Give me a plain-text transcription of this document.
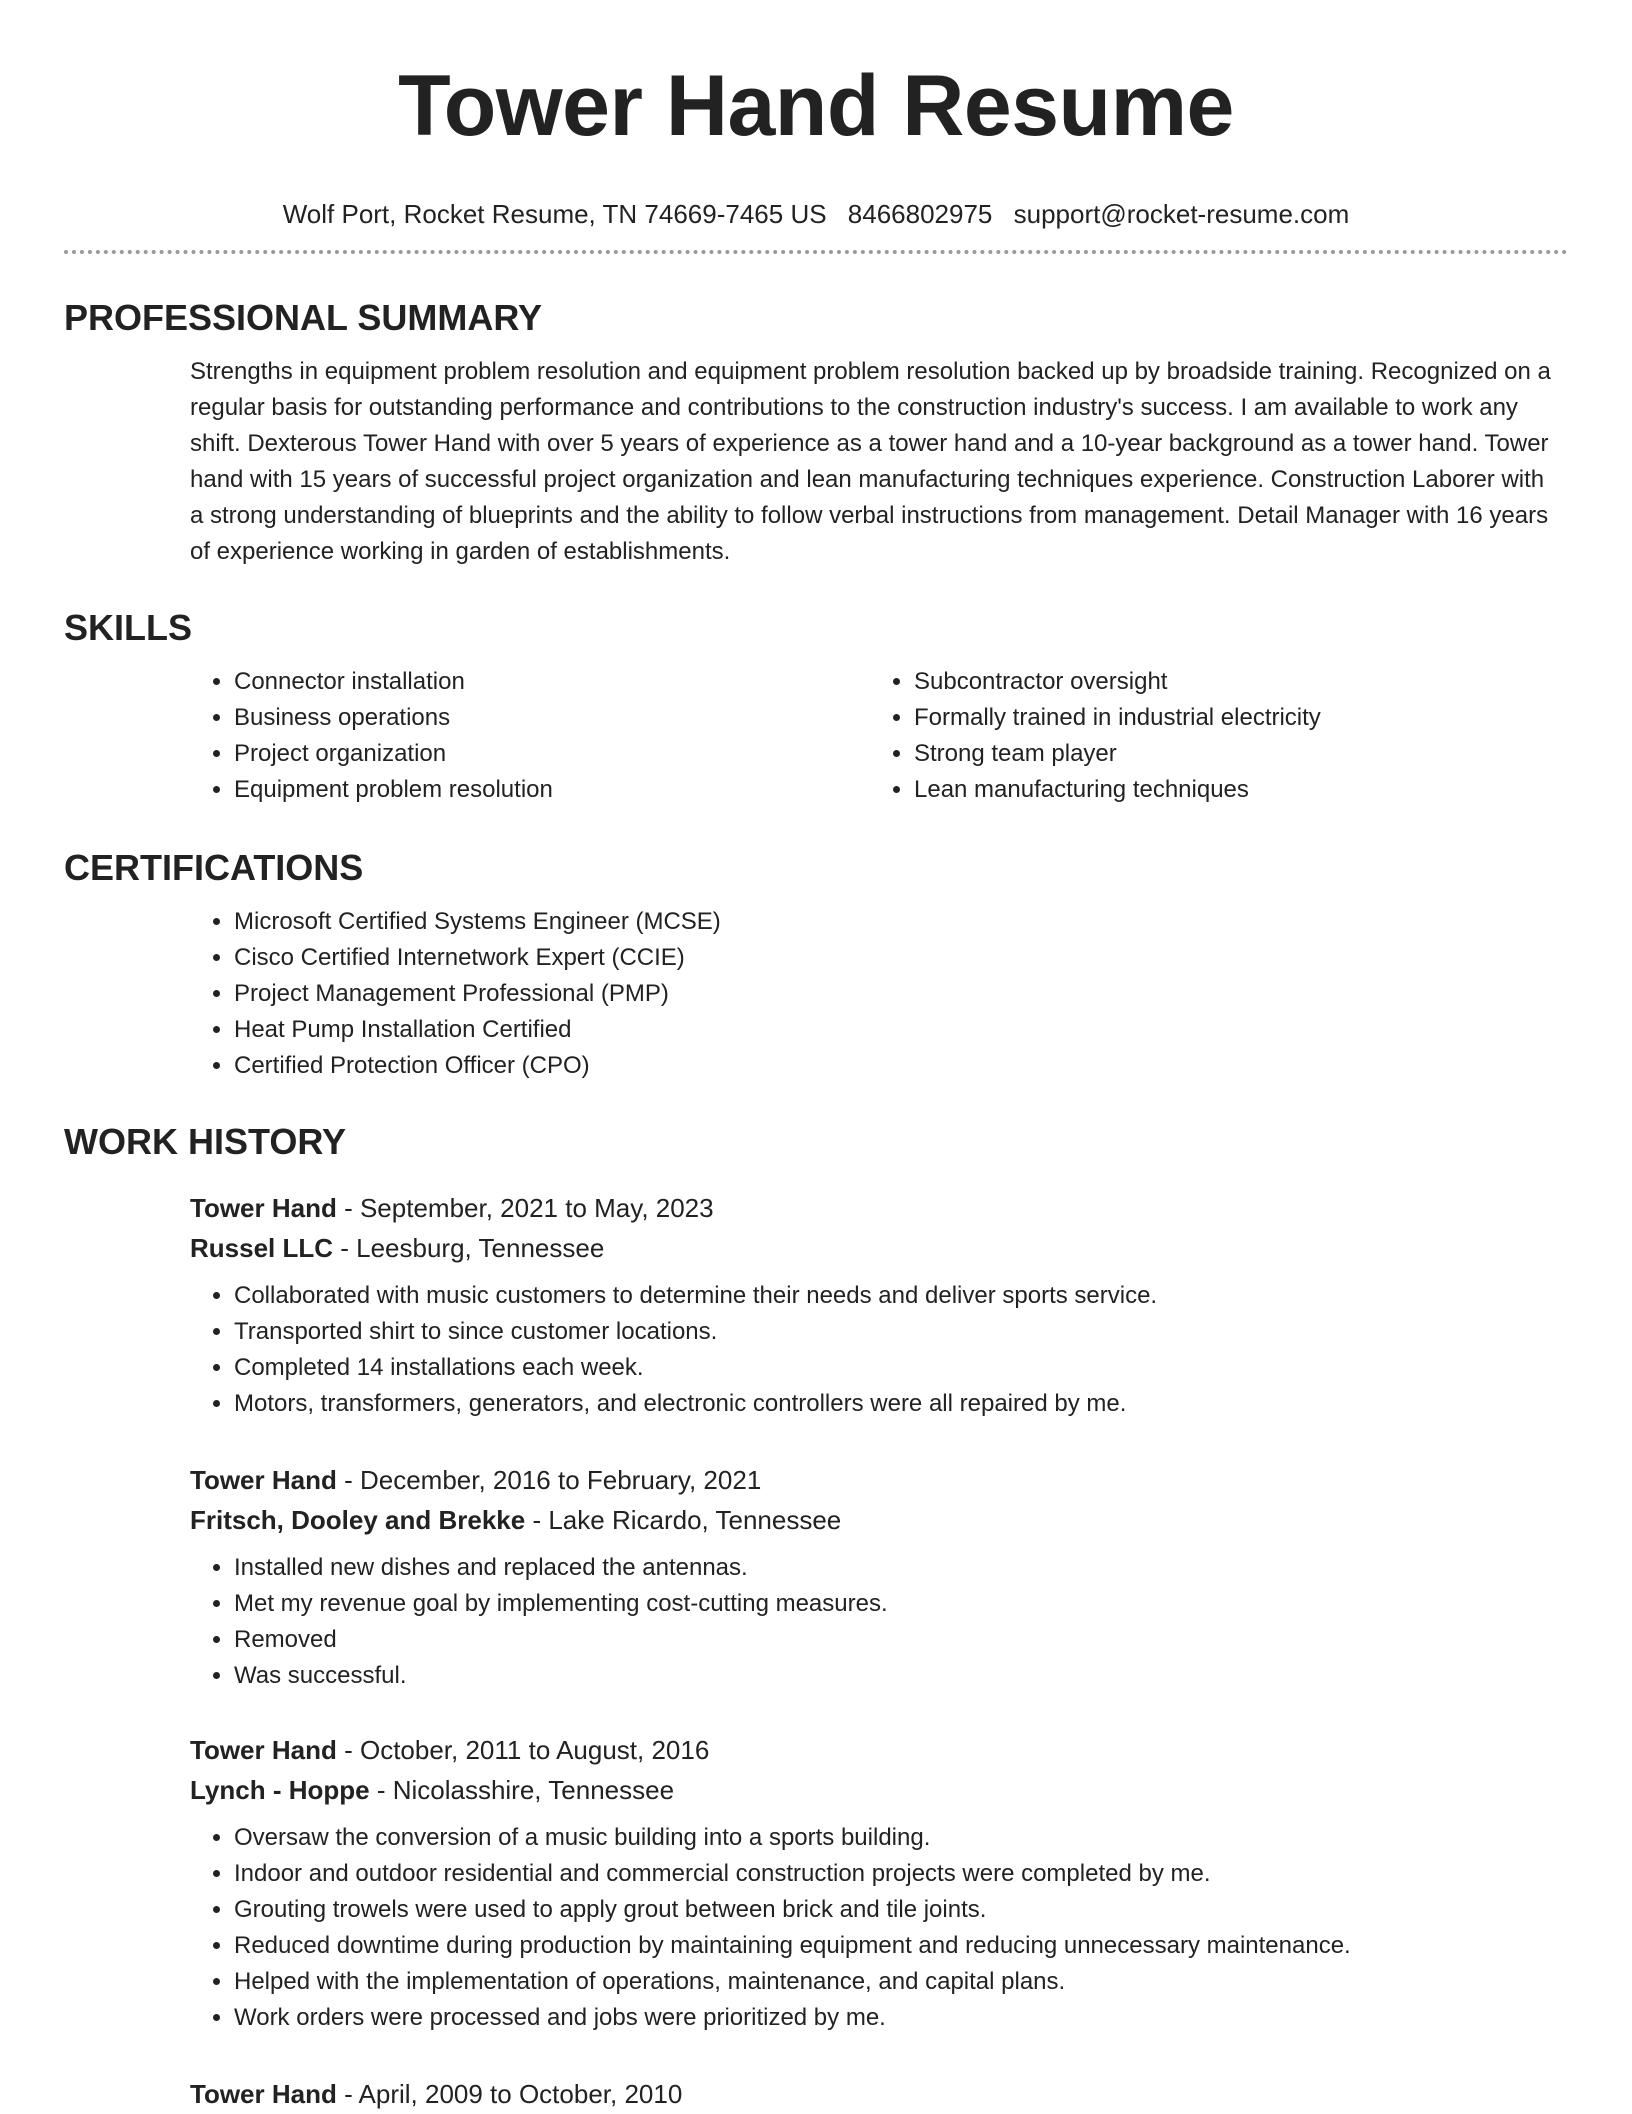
Tower Hand Resume
Wolf Port, Rocket Resume, TN 74669-7465 US 8466802975 support@rocket-resume.com
PROFESSIONAL SUMMARY
Strengths in equipment problem resolution and equipment problem resolution backed up by broadside training. Recognized on a regular basis for outstanding performance and contributions to the construction industry's success. I am available to work any shift. Dexterous Tower Hand with over 5 years of experience as a tower hand and a 10-year background as a tower hand. Tower hand with 15 years of successful project organization and lean manufacturing techniques experience. Construction Laborer with a strong understanding of blueprints and the ability to follow verbal instructions from management. Detail Manager with 16 years of experience working in garden of establishments.
SKILLS
• Connector installation
• Business operations
• Project organization
• Equipment problem resolution
• Subcontractor oversight
• Formally trained in industrial electricity
• Strong team player
• Lean manufacturing techniques
CERTIFICATIONS
• Microsoft Certified Systems Engineer (MCSE)
• Cisco Certified Internetwork Expert (CCIE)
• Project Management Professional (PMP)
• Heat Pump Installation Certified
• Certified Protection Officer (CPO)
WORK HISTORY
Tower Hand - September, 2021 to May, 2023
Russel LLC - Leesburg, Tennessee
• Collaborated with music customers to determine their needs and deliver sports service.
• Transported shirt to since customer locations.
• Completed 14 installations each week.
• Motors, transformers, generators, and electronic controllers were all repaired by me.
Tower Hand - December, 2016 to February, 2021
Fritsch, Dooley and Brekke - Lake Ricardo, Tennessee
• Installed new dishes and replaced the antennas.
• Met my revenue goal by implementing cost-cutting measures.
• Removed
• Was successful.
Tower Hand - October, 2011 to August, 2016
Lynch - Hoppe - Nicolasshire, Tennessee
• Oversaw the conversion of a music building into a sports building.
• Indoor and outdoor residential and commercial construction projects were completed by me.
• Grouting trowels were used to apply grout between brick and tile joints.
• Reduced downtime during production by maintaining equipment and reducing unnecessary maintenance.
• Helped with the implementation of operations, maintenance, and capital plans.
• Work orders were processed and jobs were prioritized by me.
Tower Hand - April, 2009 to October, 2010
